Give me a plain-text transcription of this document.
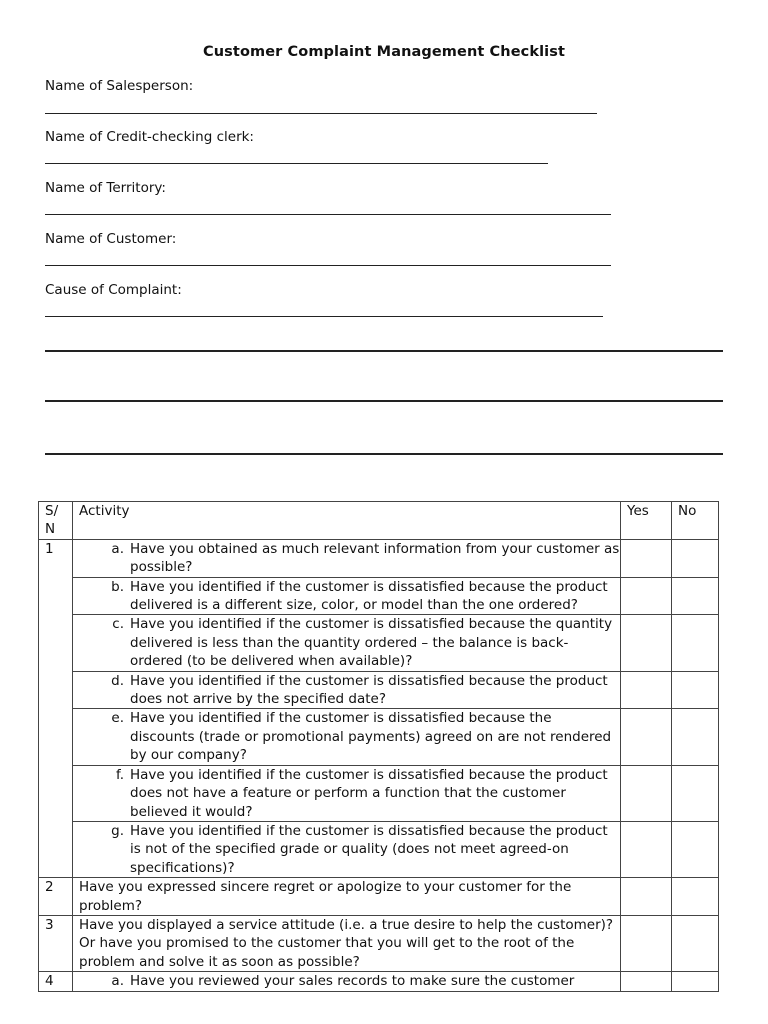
Customer Complaint Management Checklist
Name of Salesperson:
Name of Credit-checking clerk:
Name of Territory:
Name of Customer:
Cause of Complaint:
S/
N	Activity	Yes	No
1	a. Have you obtained as much relevant information from your customer as possible?		

	b. Have you identified if the customer is dissatisfied because the product delivered is a different size, color, or model than the one ordered?		

	c. Have you identified if the customer is dissatisfied because the quantity delivered is less than the quantity ordered – the balance is back-ordered (to be delivered when available)?		

	d. Have you identified if the customer is dissatisfied because the product does not arrive by the specified date?		

	e. Have you identified if the customer is dissatisfied because the discounts (trade or promotional payments) agreed on are not rendered by our company?		

	f. Have you identified if the customer is dissatisfied because the product does not have a feature or perform a function that the customer believed it would?		

	g. Have you identified if the customer is dissatisfied because the product is not of the specified grade or quality (does not meet agreed-on specifications)?		

2	Have you expressed sincere regret or apologize to your customer for the problem?		
3	Have you displayed a service attitude (i.e. a true desire to help the customer)? Or have you promised to the customer that you will get to the root of the problem and solve it as soon as possible?		
4	a. Have you reviewed your sales records to make sure the customer		
